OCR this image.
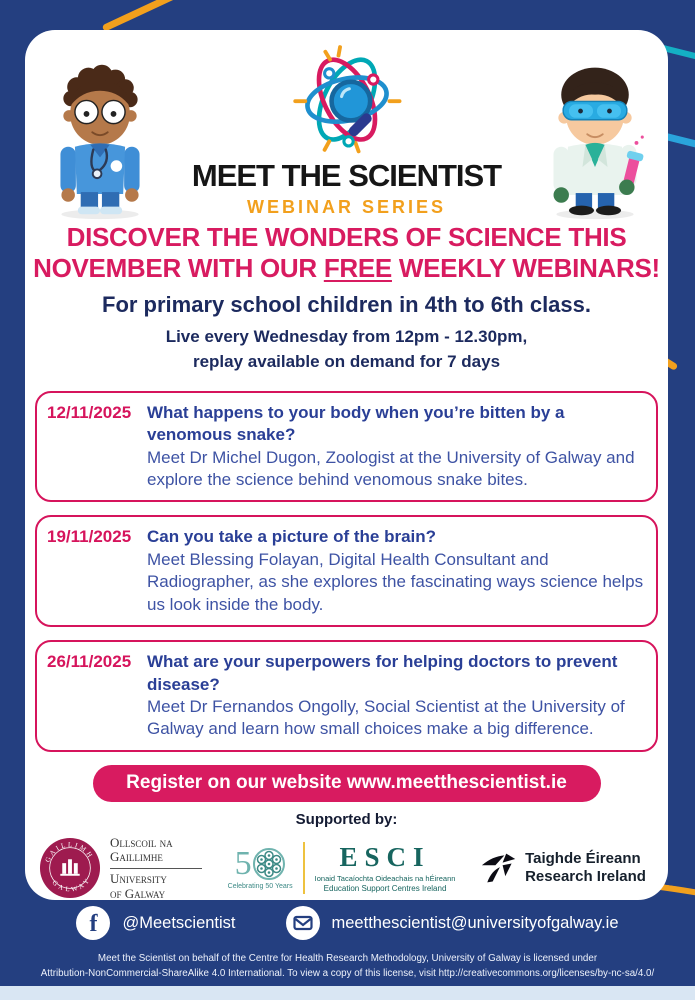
MEET THE SCIENTIST
WEBINAR SERIES
DISCOVER THE WONDERS OF SCIENCE THIS
NOVEMBER WITH OUR FREE WEEKLY WEBINARS!
For primary school children in 4th to 6th class.
Live every Wednesday from 12pm - 12.30pm,
replay available on demand for 7 days
12/11/2025 What happens to your body when you’re bitten by a venomous snake?
Meet Dr Michel Dugon, Zoologist at the University of Galway and explore the science behind venomous snake bites.
19/11/2025 Can you take a picture of the brain?
Meet Blessing Folayan, Digital Health Consultant and Radiographer, as she explores the fascinating ways science helps us look inside the body.
26/11/2025 What are your superpowers for helping doctors to prevent disease?
Meet Dr Fernandos Ongolly, Social Scientist at the University of Galway and learn how small choices make a big difference.
Register on our website www.meetthescientist.ie
Supported by:
GAILLIMH
GALWAY
Ollscoil na
Gaillimhe
University
of Galway
5
Celebrating 50 Years
ESCI
Ionaid Tacaíochta Oideachais na hÉireann
Education Support Centres Ireland
Taighde Éireann
Research Ireland
f @Meetscientist	meetthescientist@universityofgalway.ie
Meet the Scientist on behalf of the Centre for Health Research Methodology, University of Galway is licensed under
Attribution-NonCommercial-ShareAlike 4.0 International. To view a copy of this license, visit http://creativecommons.org/licenses/by-nc-sa/4.0/
